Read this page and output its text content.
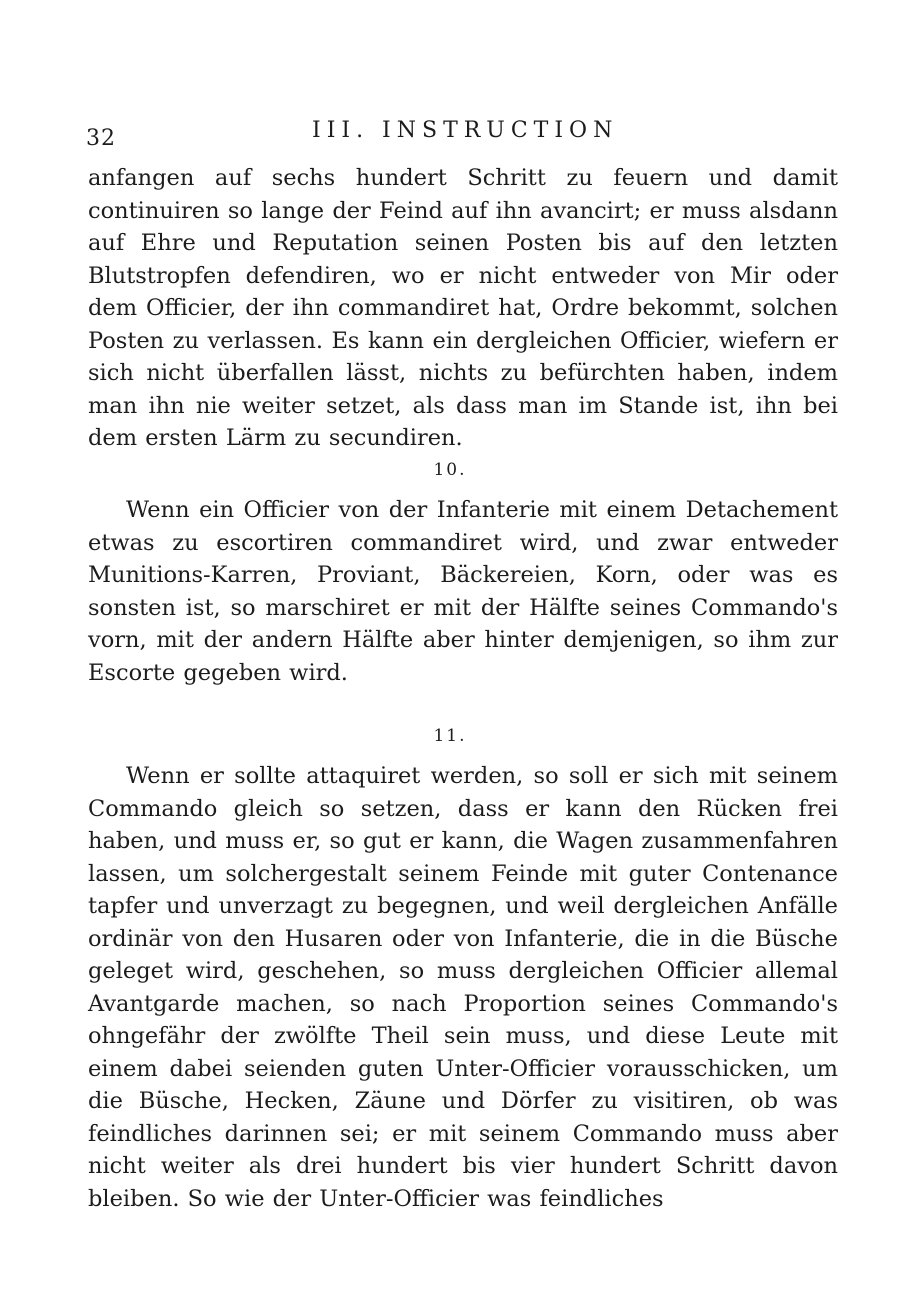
32	III. INSTRUCTION

anfangen auf sechs hundert Schritt zu feuern und damit continuiren so lange der Feind auf ihn avancirt; er muss alsdann auf Ehre und Reputation seinen Posten bis auf den letzten Blutstropfen defendiren, wo er nicht entweder von Mir oder dem Officier, der ihn commandiret hat, Ordre bekommt, solchen Posten zu verlassen. Es kann ein dergleichen Officier, wiefern er sich nicht überfallen lässt, nichts zu befürchten haben, indem man ihn nie weiter setzet, als dass man im Stande ist, ihn bei dem ersten Lärm zu secundiren.

10.

Wenn ein Officier von der Infanterie mit einem Detachement etwas zu escortiren commandiret wird, und zwar entweder Munitions-Karren, Proviant, Bäckereien, Korn, oder was es sonsten ist, so marschiret er mit der Hälfte seines Commando's vorn, mit der andern Hälfte aber hinter demjenigen, so ihm zur Escorte gegeben wird.

11.

Wenn er sollte attaquiret werden, so soll er sich mit seinem Commando gleich so setzen, dass er kann den Rücken frei haben, und muss er, so gut er kann, die Wagen zusammenfahren lassen, um solchergestalt seinem Feinde mit guter Contenance tapfer und unverzagt zu begegnen, und weil dergleichen Anfälle ordinär von den Husaren oder von Infanterie, die in die Büsche geleget wird, geschehen, so muss dergleichen Officier allemal Avantgarde machen, so nach Proportion seines Commando's ohngefähr der zwölfte Theil sein muss, und diese Leute mit einem dabei seienden guten Unter-Officier vorausschicken, um die Büsche, Hecken, Zäune und Dörfer zu visitiren, ob was feindliches darinnen sei; er mit seinem Commando muss aber nicht weiter als drei hundert bis vier hundert Schritt davon bleiben. So wie der Unter-Officier was feindliches
